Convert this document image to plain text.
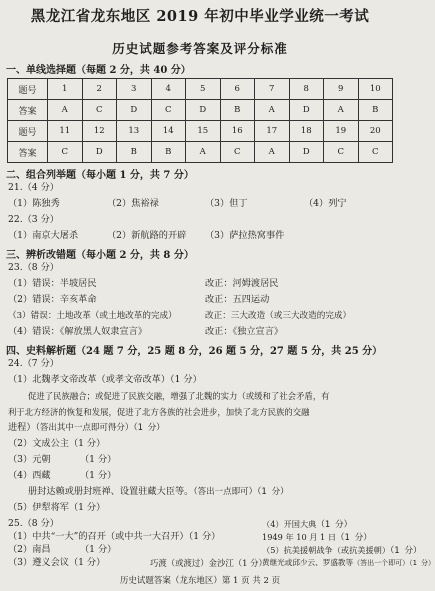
黑龙江省龙东地区 2019 年初中毕业学业统一考试
历史试题参考答案及评分标准
一、单线选择题（每题 2 分，共 40 分）
题号	1	2	3	4	5	6	7	8	9	10
答案	A	C	D	C	D	B	A	D	A	B
题号	11	12	13	14	15	16	17	18	19	20
答案	C	D	B	B	A	C	A	D	C	C
二、组合列举题（每小题 1 分，共 7 分）
21.（4 分）
（1）陈独秀	（2）焦裕禄	（3）但丁	（4）列宁
22.（3 分）
（1）南京大屠杀	（2）新航路的开辟 （3）萨拉热窝事件
三、辨析改错题（每小题 2 分，共 8 分）
23.（8 分）
（1）错误：半坡居民	改正：河姆渡居民
（2）错误：辛亥革命	改正：五四运动
（3）错误：土地改革（或土地改革的完成）	改正：三大改造（或三大改造的完成）
（4）错误：《解放黑人奴隶宣言》	改正：《独立宣言》
四、史料解析题（24 题 7 分，25 题 8 分，26 题 5 分，27 题 5 分，共 25 分）
24.（7 分）
（1）北魏孝文帝改革（或孝文帝改革）（1 分）
促进了民族融合；或促进了民族交融，增强了北魏的实力（或缓和了社会矛盾，有
利于北方经济的恢复和发展，促进了北方各族的社会进步，加快了北方民族的交融
进程）（答出其中一点即可得分）（1 分）
（2）文成公主（1 分）
（3）元朝	（1 分）
（4）西藏	（1 分）
册封达赖或册封班禅、设置驻藏大臣等。（答出一点即可）（1 分）
（5）伊犁将军（1 分）
25.（8 分）
（1）中共“一大”的召开（或中共一大召开）（1 分）
（2）南昌	（1 分）
（3）遵义会议（1 分）	巧渡（或渡过）金沙江（1 分）
历史试题答案（龙东地区）第 1 页 共 2 页
（4）开国大典（1 分）
1949 年 10 月 1 日（1 分）
（5）抗美援朝战争（或抗美援朝）（1 分）
黄继光或邱少云、罗盛教等（答出一个即可）（1 分）
